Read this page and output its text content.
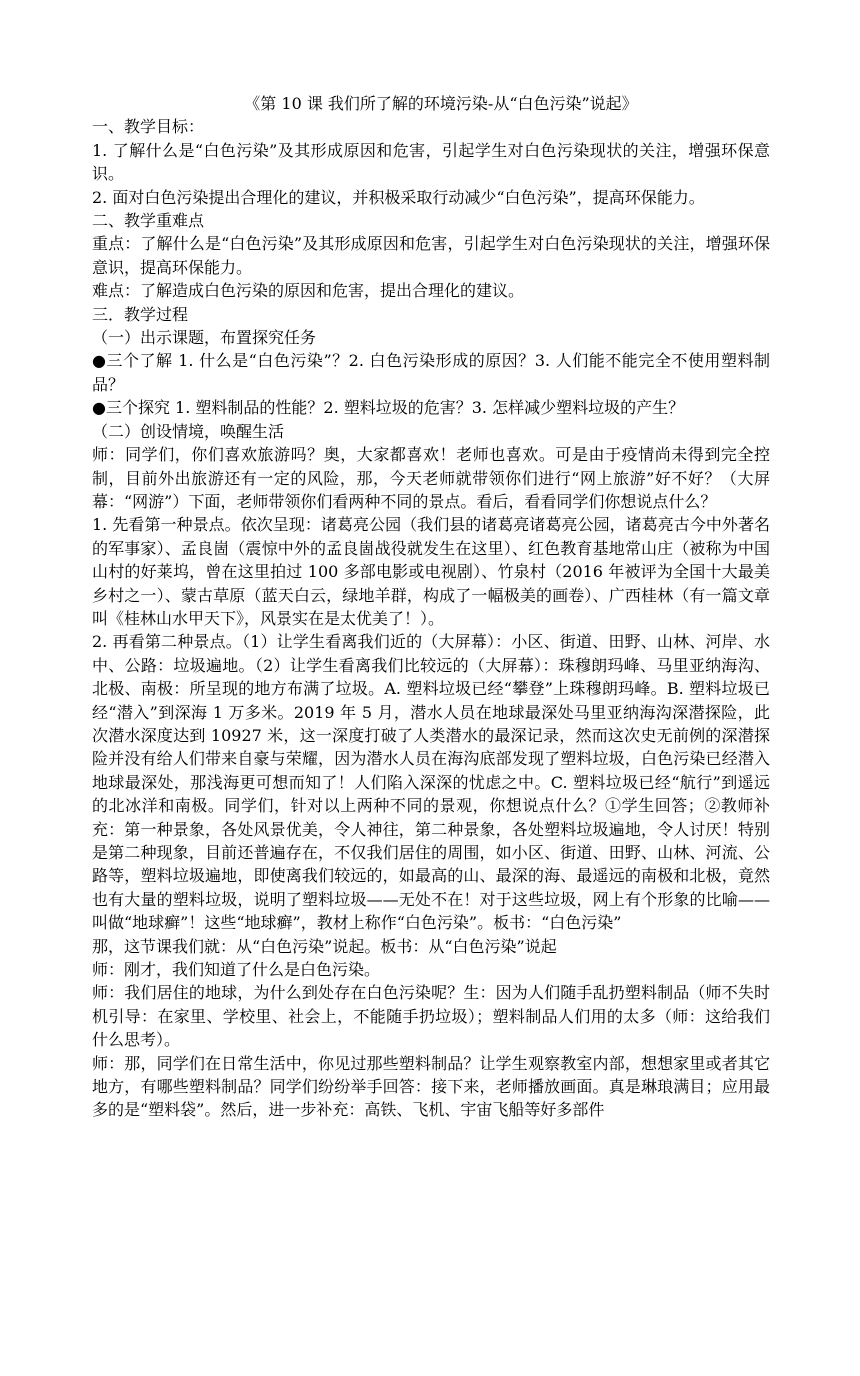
《第 10 课 我们所了解的环境污染-从“白色污染”说起》

一、教学目标：

1. 了解什么是“白色污染”及其形成原因和危害，引起学生对白色污染现状的关注，增强环保意识。

2. 面对白色污染提出合理化的建议，并积极采取行动减少“白色污染”，提高环保能力。

二、教学重难点

重点：了解什么是“白色污染”及其形成原因和危害，引起学生对白色污染现状的关注，增强环保意识，提高环保能力。

难点：了解造成白色污染的原因和危害，提出合理化的建议。

三．教学过程

（一）出示课题，布置探究任务

●三个了解 1. 什么是“白色污染”？2. 白色污染形成的原因？3. 人们能不能完全不使用塑料制品？

●三个探究 1. 塑料制品的性能？2. 塑料垃圾的危害？3. 怎样减少塑料垃圾的产生？

（二）创设情境，唤醒生活

师：同学们，你们喜欢旅游吗？奥，大家都喜欢！老师也喜欢。可是由于疫情尚未得到完全控制，目前外出旅游还有一定的风险，那，今天老师就带领你们进行“网上旅游”好不好？（大屏幕：“网游”）下面，老师带领你们看两种不同的景点。看后，看看同学们你想说点什么？

1. 先看第一种景点。依次呈现：诸葛亮公园（我们县的诸葛亮诸葛亮公园，诸葛亮古今中外著名的军事家）、孟良崮（震惊中外的孟良崮战役就发生在这里）、红色教育基地常山庄（被称为中国山村的好莱坞，曾在这里拍过 100 多部电影或电视剧）、竹泉村（2016 年被评为全国十大最美乡村之一）、蒙古草原（蓝天白云，绿地羊群，构成了一幅极美的画卷）、广西桂林（有一篇文章叫《桂林山水甲天下》，风景实在是太优美了！）。

2. 再看第二种景点。（1）让学生看离我们近的（大屏幕）：小区、街道、田野、山林、河岸、水中、公路：垃圾遍地。（2）让学生看离我们比较远的（大屏幕）：珠穆朗玛峰、马里亚纳海沟、北极、南极：所呈现的地方布满了垃圾。A. 塑料垃圾已经“攀登”上珠穆朗玛峰。B. 塑料垃圾已经“潜入”到深海 1 万多米。2019 年 5 月，潜水人员在地球最深处马里亚纳海沟深潜探险，此次潜水深度达到 10927 米，这一深度打破了人类潜水的最深记录，然而这次史无前例的深潜探险并没有给人们带来自豪与荣耀，因为潜水人员在海沟底部发现了塑料垃圾，白色污染已经潜入地球最深处，那浅海更可想而知了！人们陷入深深的忧虑之中。C. 塑料垃圾已经“航行”到遥远的北冰洋和南极。同学们，针对以上两种不同的景观，你想说点什么？①学生回答；②教师补充：第一种景象，各处风景优美，令人神往，第二种景象，各处塑料垃圾遍地，令人讨厌！特别是第二种现象，目前还普遍存在，不仅我们居住的周围，如小区、街道、田野、山林、河流、公路等，塑料垃圾遍地，即使离我们较远的，如最高的山、最深的海、最遥远的南极和北极，竟然也有大量的塑料垃圾，说明了塑料垃圾——无处不在！对于这些垃圾，网上有个形象的比喻——叫做“地球癣”！这些“地球癣”，教材上称作“白色污染”。板书：“白色污染”

那，这节课我们就：从“白色污染”说起。板书：从“白色污染”说起

师：刚才，我们知道了什么是白色污染。

师：我们居住的地球，为什么到处存在白色污染呢？生：因为人们随手乱扔塑料制品（师不失时机引导：在家里、学校里、社会上，不能随手扔垃圾）；塑料制品人们用的太多（师：这给我们什么思考）。

师：那，同学们在日常生活中，你见过那些塑料制品？让学生观察教室内部，想想家里或者其它地方，有哪些塑料制品？同学们纷纷举手回答：接下来，老师播放画面。真是琳琅满目；应用最多的是“塑料袋”。然后，进一步补充：高铁、飞机、宇宙飞船等好多部件
